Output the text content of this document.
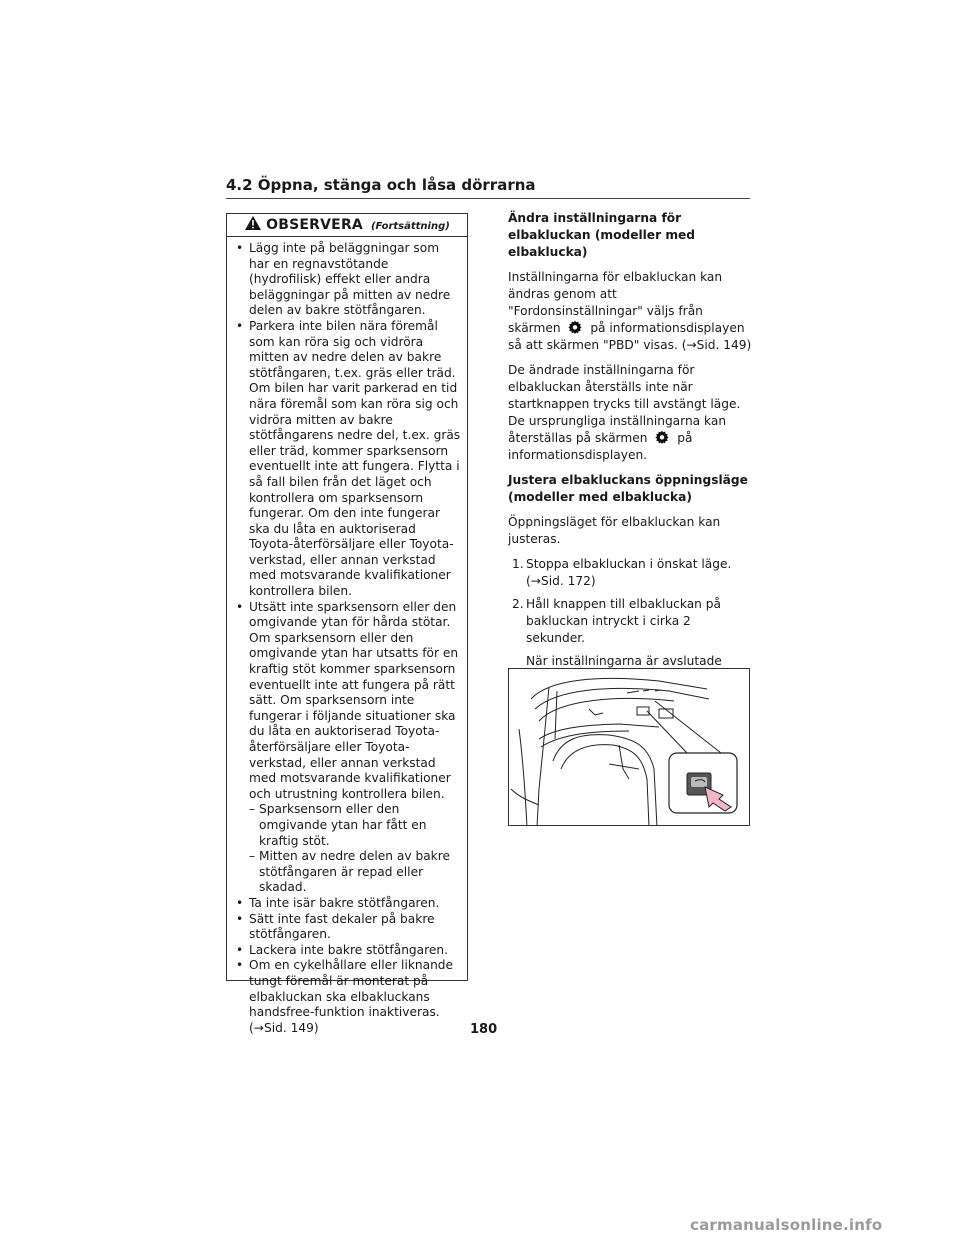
4.2 Öppna, stänga och låsa dörrarna
OBSERVERA (Fortsättning)
• Lägg inte på beläggningar som har en regnavstötande (hydrofilisk) effekt eller andra beläggningar på mitten av nedre delen av bakre stötfångaren.
• Parkera inte bilen nära föremål som kan röra sig och vidröra mitten av nedre delen av bakre stötfångaren, t.ex. gräs eller träd. Om bilen har varit parkerad en tid nära föremål som kan röra sig och vidröra mitten av bakre stötfångarens nedre del, t.ex. gräs eller träd, kommer sparksensorn eventuellt inte att fungera. Flytta i så fall bilen från det läget och kontrollera om sparksensorn fungerar. Om den inte fungerar ska du låta en auktoriserad Toyota-återförsäljare eller Toyota-verkstad, eller annan verkstad med motsvarande kvalifikationer kontrollera bilen.
• Utsätt inte sparksensorn eller den omgivande ytan för hårda stötar. Om sparksensorn eller den omgivande ytan har utsatts för en kraftig stöt kommer sparksensorn eventuellt inte att fungera på rätt sätt. Om sparksensorn inte fungerar i följande situationer ska du låta en auktoriserad Toyota-återförsäljare eller Toyota-verkstad, eller annan verkstad med motsvarande kvalifikationer och utrustning kontrollera bilen.
– Sparksensorn eller den omgivande ytan har fått en kraftig stöt.
– Mitten av nedre delen av bakre stötfångaren är repad eller skadad.
• Ta inte isär bakre stötfångaren.
• Sätt inte fast dekaler på bakre stötfångaren.
• Lackera inte bakre stötfångaren.
• Om en cykelhållare eller liknande tungt föremål är monterat på elbakluckan ska elbakluckans handsfree-funktion inaktiveras. (→Sid. 149)

Ändra inställningarna för elbakluckan (modeller med elbaklucka)

Inställningarna för elbakluckan kan ändras genom att "Fordonsinställningar" väljs från skärmen på informationsdisplayen så att skärmen "PBD" visas. (→Sid. 149)

De ändrade inställningarna för elbakluckan återställs inte när startknappen trycks till avstängt läge. De ursprungliga inställningarna kan återställas på skärmen på informationsdisplayen.

Justera elbakluckans öppningsläge (modeller med elbaklucka)

Öppningsläget för elbakluckan kan justeras.

1. Stoppa elbakluckan i önskat läge. (→Sid. 172)
2. Håll knappen till elbakluckan på bakluckan intryckt i cirka 2 sekunder.
När inställningarna är avslutade
180
carmanualsonline.info
